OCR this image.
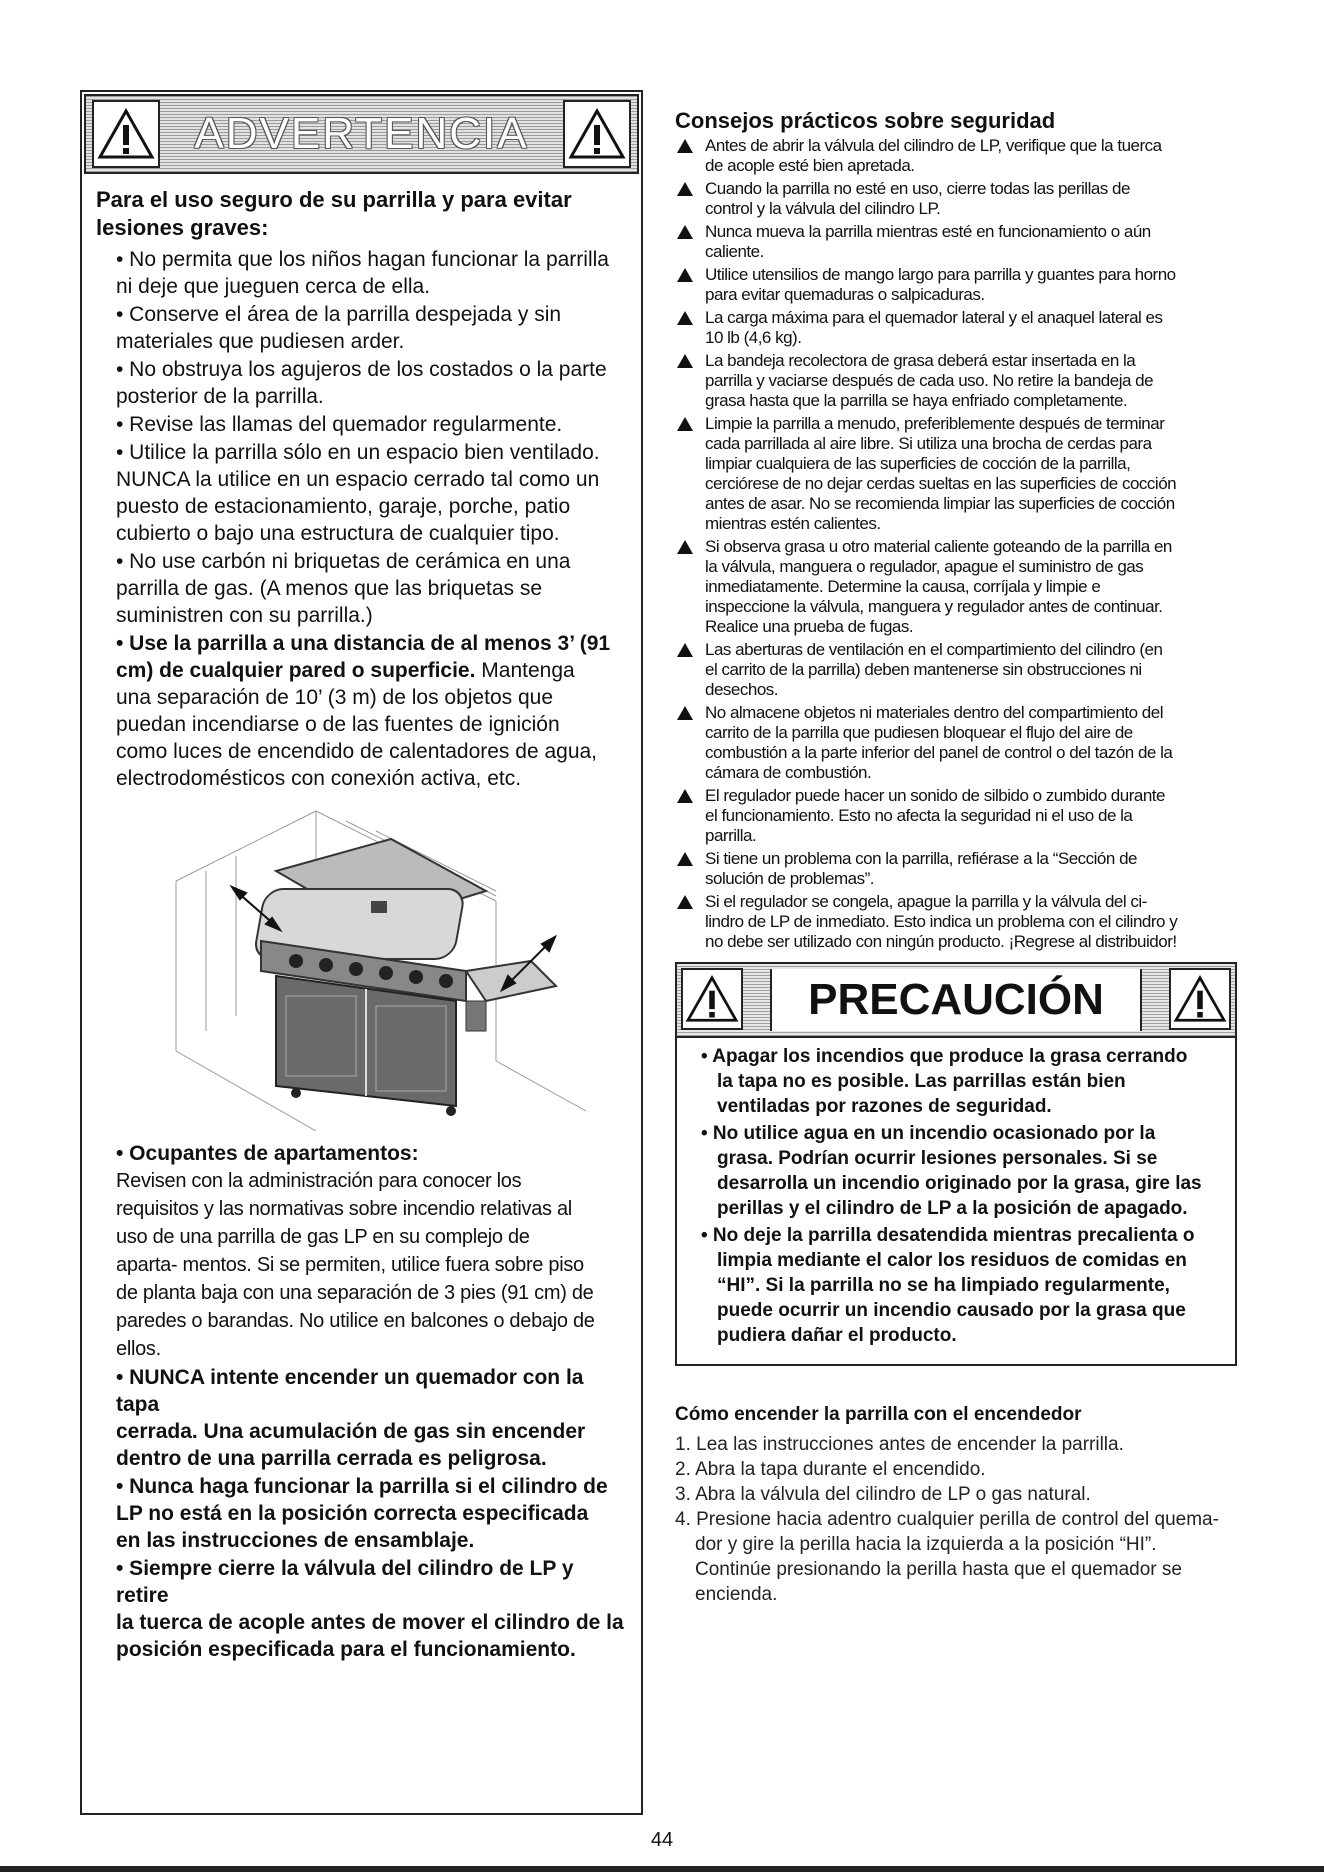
ADVERTENCIA
Para el uso seguro de su parrilla y para evitar lesiones graves:
• No permita que los niños hagan funcionar la parrilla
ni deje que jueguen cerca de ella.
• Conserve el área de la parrilla despejada y sin
materiales que pudiesen arder.
• No obstruya los agujeros de los costados o la parte
posterior de la parrilla.
• Revise las llamas del quemador regularmente.
• Utilice la parrilla sólo en un espacio bien ventilado.
NUNCA la utilice en un espacio cerrado tal como un
puesto de estacionamiento, garaje, porche, patio
cubierto o bajo una estructura de cualquier tipo.
• No use carbón ni briquetas de cerámica en una
parrilla de gas. (A menos que las briquetas se
suministren con su parrilla.)
• Use la parrilla a una distancia de al menos 3’ (91
cm) de cualquier pared o superficie. Mantenga
una separación de 10’ (3 m) de los objetos que
puedan incendiarse o de las fuentes de ignición
como luces de encendido de calentadores de agua,
electrodomésticos con conexión activa, etc.
• Ocupantes de apartamentos:
Revisen con la administración para conocer los
requisitos y las normativas sobre incendio relativas al
uso de una parrilla de gas LP en su complejo de
aparta- mentos. Si se permiten, utilice fuera sobre piso
de planta baja con una separación de 3 pies (91 cm) de
paredes o barandas. No utilice en balcones o debajo de
ellos.
• NUNCA intente encender un quemador con la tapa
cerrada. Una acumulación de gas sin encender
dentro de una parrilla cerrada es peligrosa.
• Nunca haga funcionar la parrilla si el cilindro de
LP no está en la posición correcta especificada
en las instrucciones de ensamblaje.
• Siempre cierre la válvula del cilindro de LP y retire
la tuerca de acople antes de mover el cilindro de la
posición especificada para el funcionamiento.
Consejos prácticos sobre seguridad
Antes de abrir la válvula del cilindro de LP, verifique que la tuerca
de acople esté bien apretada.
Cuando la parrilla no esté en uso, cierre todas las perillas de
control y la válvula del cilindro LP.
Nunca mueva la parrilla mientras esté en funcionamiento o aún
caliente.
Utilice utensilios de mango largo para parrilla y guantes para horno
para evitar quemaduras o salpicaduras.
La carga máxima para el quemador lateral y el anaquel lateral es
10 lb (4,6 kg).
La bandeja recolectora de grasa deberá estar insertada en la
parrilla y vaciarse después de cada uso. No retire la bandeja de
grasa hasta que la parrilla se haya enfriado completamente.
Limpie la parrilla a menudo, preferiblemente después de terminar
cada parrillada al aire libre. Si utiliza una brocha de cerdas para
limpiar cualquiera de las superficies de cocción de la parrilla,
cerciórese de no dejar cerdas sueltas en las superficies de cocción
antes de asar. No se recomienda limpiar las superficies de cocción
mientras estén calientes.
Si observa grasa u otro material caliente goteando de la parrilla en
la válvula, manguera o regulador, apague el suministro de gas
inmediatamente. Determine la causa, corríjala y limpie e
inspeccione la válvula, manguera y regulador antes de continuar.
Realice una prueba de fugas.
Las aberturas de ventilación en el compartimiento del cilindro (en
el carrito de la parrilla) deben mantenerse sin obstrucciones ni
desechos.
No almacene objetos ni materiales dentro del compartimiento del
carrito de la parrilla que pudiesen bloquear el flujo del aire de
combustión a la parte inferior del panel de control o del tazón de la
cámara de combustión.
El regulador puede hacer un sonido de silbido o zumbido durante
el funcionamiento. Esto no afecta la seguridad ni el uso de la
parrilla.
Si tiene un problema con la parrilla, refiérase a la “Sección de
solución de problemas”.
Si el regulador se congela, apague la parrilla y la válvula del ci-
lindro de LP de inmediato. Esto indica un problema con el cilindro y
no debe ser utilizado con ningún producto. ¡Regrese al distribuidor!
PRECAUCIÓN
• Apagar los incendios que produce la grasa cerrando
la tapa no es posible. Las parrillas están bien
ventiladas por razones de seguridad.
• No utilice agua en un incendio ocasionado por la
grasa. Podrían ocurrir lesiones personales. Si se
desarrolla un incendio originado por la grasa, gire las
perillas y el cilindro de LP a la posición de apagado.
• No deje la parrilla desatendida mientras precalienta o
limpia mediante el calor los residuos de comidas en
“HI”. Si la parrilla no se ha limpiado regularmente,
puede ocurrir un incendio causado por la grasa que
pudiera dañar el producto.
Cómo encender la parrilla con el encendedor
1. Lea las instrucciones antes de encender la parrilla.
2. Abra la tapa durante el encendido.
3. Abra la válvula del cilindro de LP o gas natural.
4. Presione hacia adentro cualquier perilla de control del quema-
dor y gire la perilla hacia la izquierda a la posición “HI”.
Continúe presionando la perilla hasta que el quemador se
encienda.
44
